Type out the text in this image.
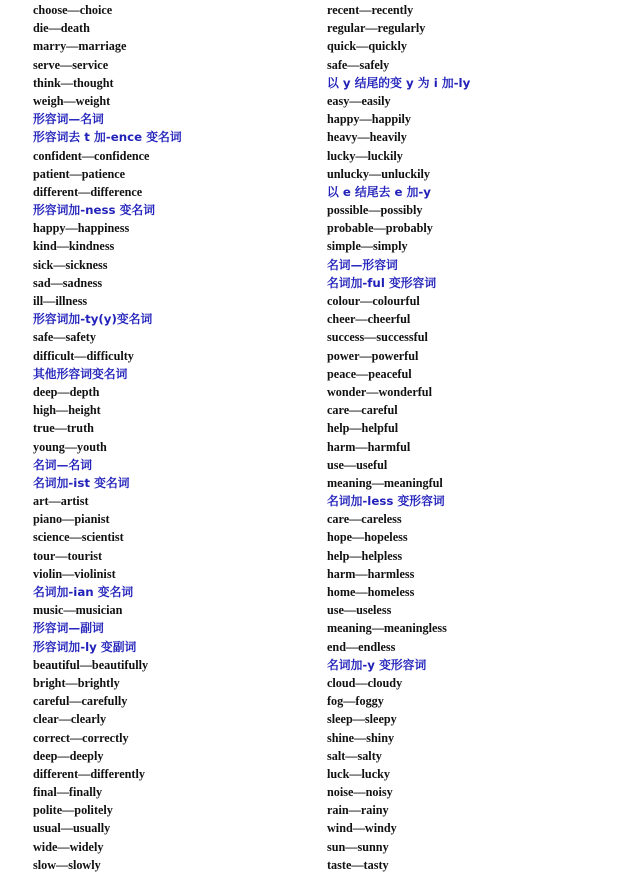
choose—choice
die—death
marry—marriage
serve—service
think—thought
weigh—weight
形容词—名词
形容词去 t 加-ence 变名词
confident—confidence
patient—patience
different—difference
形容词加-ness 变名词
happy—happiness
kind—kindness
sick—sickness
sad—sadness
ill—illness
形容词加-ty(y)变名词
safe—safety
difficult—difficulty
其他形容词变名词
deep—depth
high—height
true—truth
young—youth
名词—名词
名词加-ist 变名词
art—artist
piano—pianist
science—scientist
tour—tourist
violin—violinist
名词加-ian 变名词
music—musician
形容词—副词
形容词加-ly 变副词
beautiful—beautifully
bright—brightly
careful—carefully
clear—clearly
correct—correctly
deep—deeply
different—differently
final—finally
polite—politely
usual—usually
wide—widely
slow—slowly
recent—recently
regular—regularly
quick—quickly
safe—safely
以 y 结尾的变 y 为 i 加-ly
easy—easily
happy—happily
heavy—heavily
lucky—luckily
unlucky—unluckily
以 e 结尾去 e 加-y
possible—possibly
probable—probably
simple—simply
名词—形容词
名词加-ful 变形容词
colour—colourful
cheer—cheerful
success—successful
power—powerful
peace—peaceful
wonder—wonderful
care—careful
help—helpful
harm—harmful
use—useful
meaning—meaningful
名词加-less 变形容词
care—careless
hope—hopeless
help—helpless
harm—harmless
home—homeless
use—useless
meaning—meaningless
end—endless
名词加-y 变形容词
cloud—cloudy
fog—foggy
sleep—sleepy
shine—shiny
salt—salty
luck—lucky
noise—noisy
rain—rainy
wind—windy
sun—sunny
taste—tasty
